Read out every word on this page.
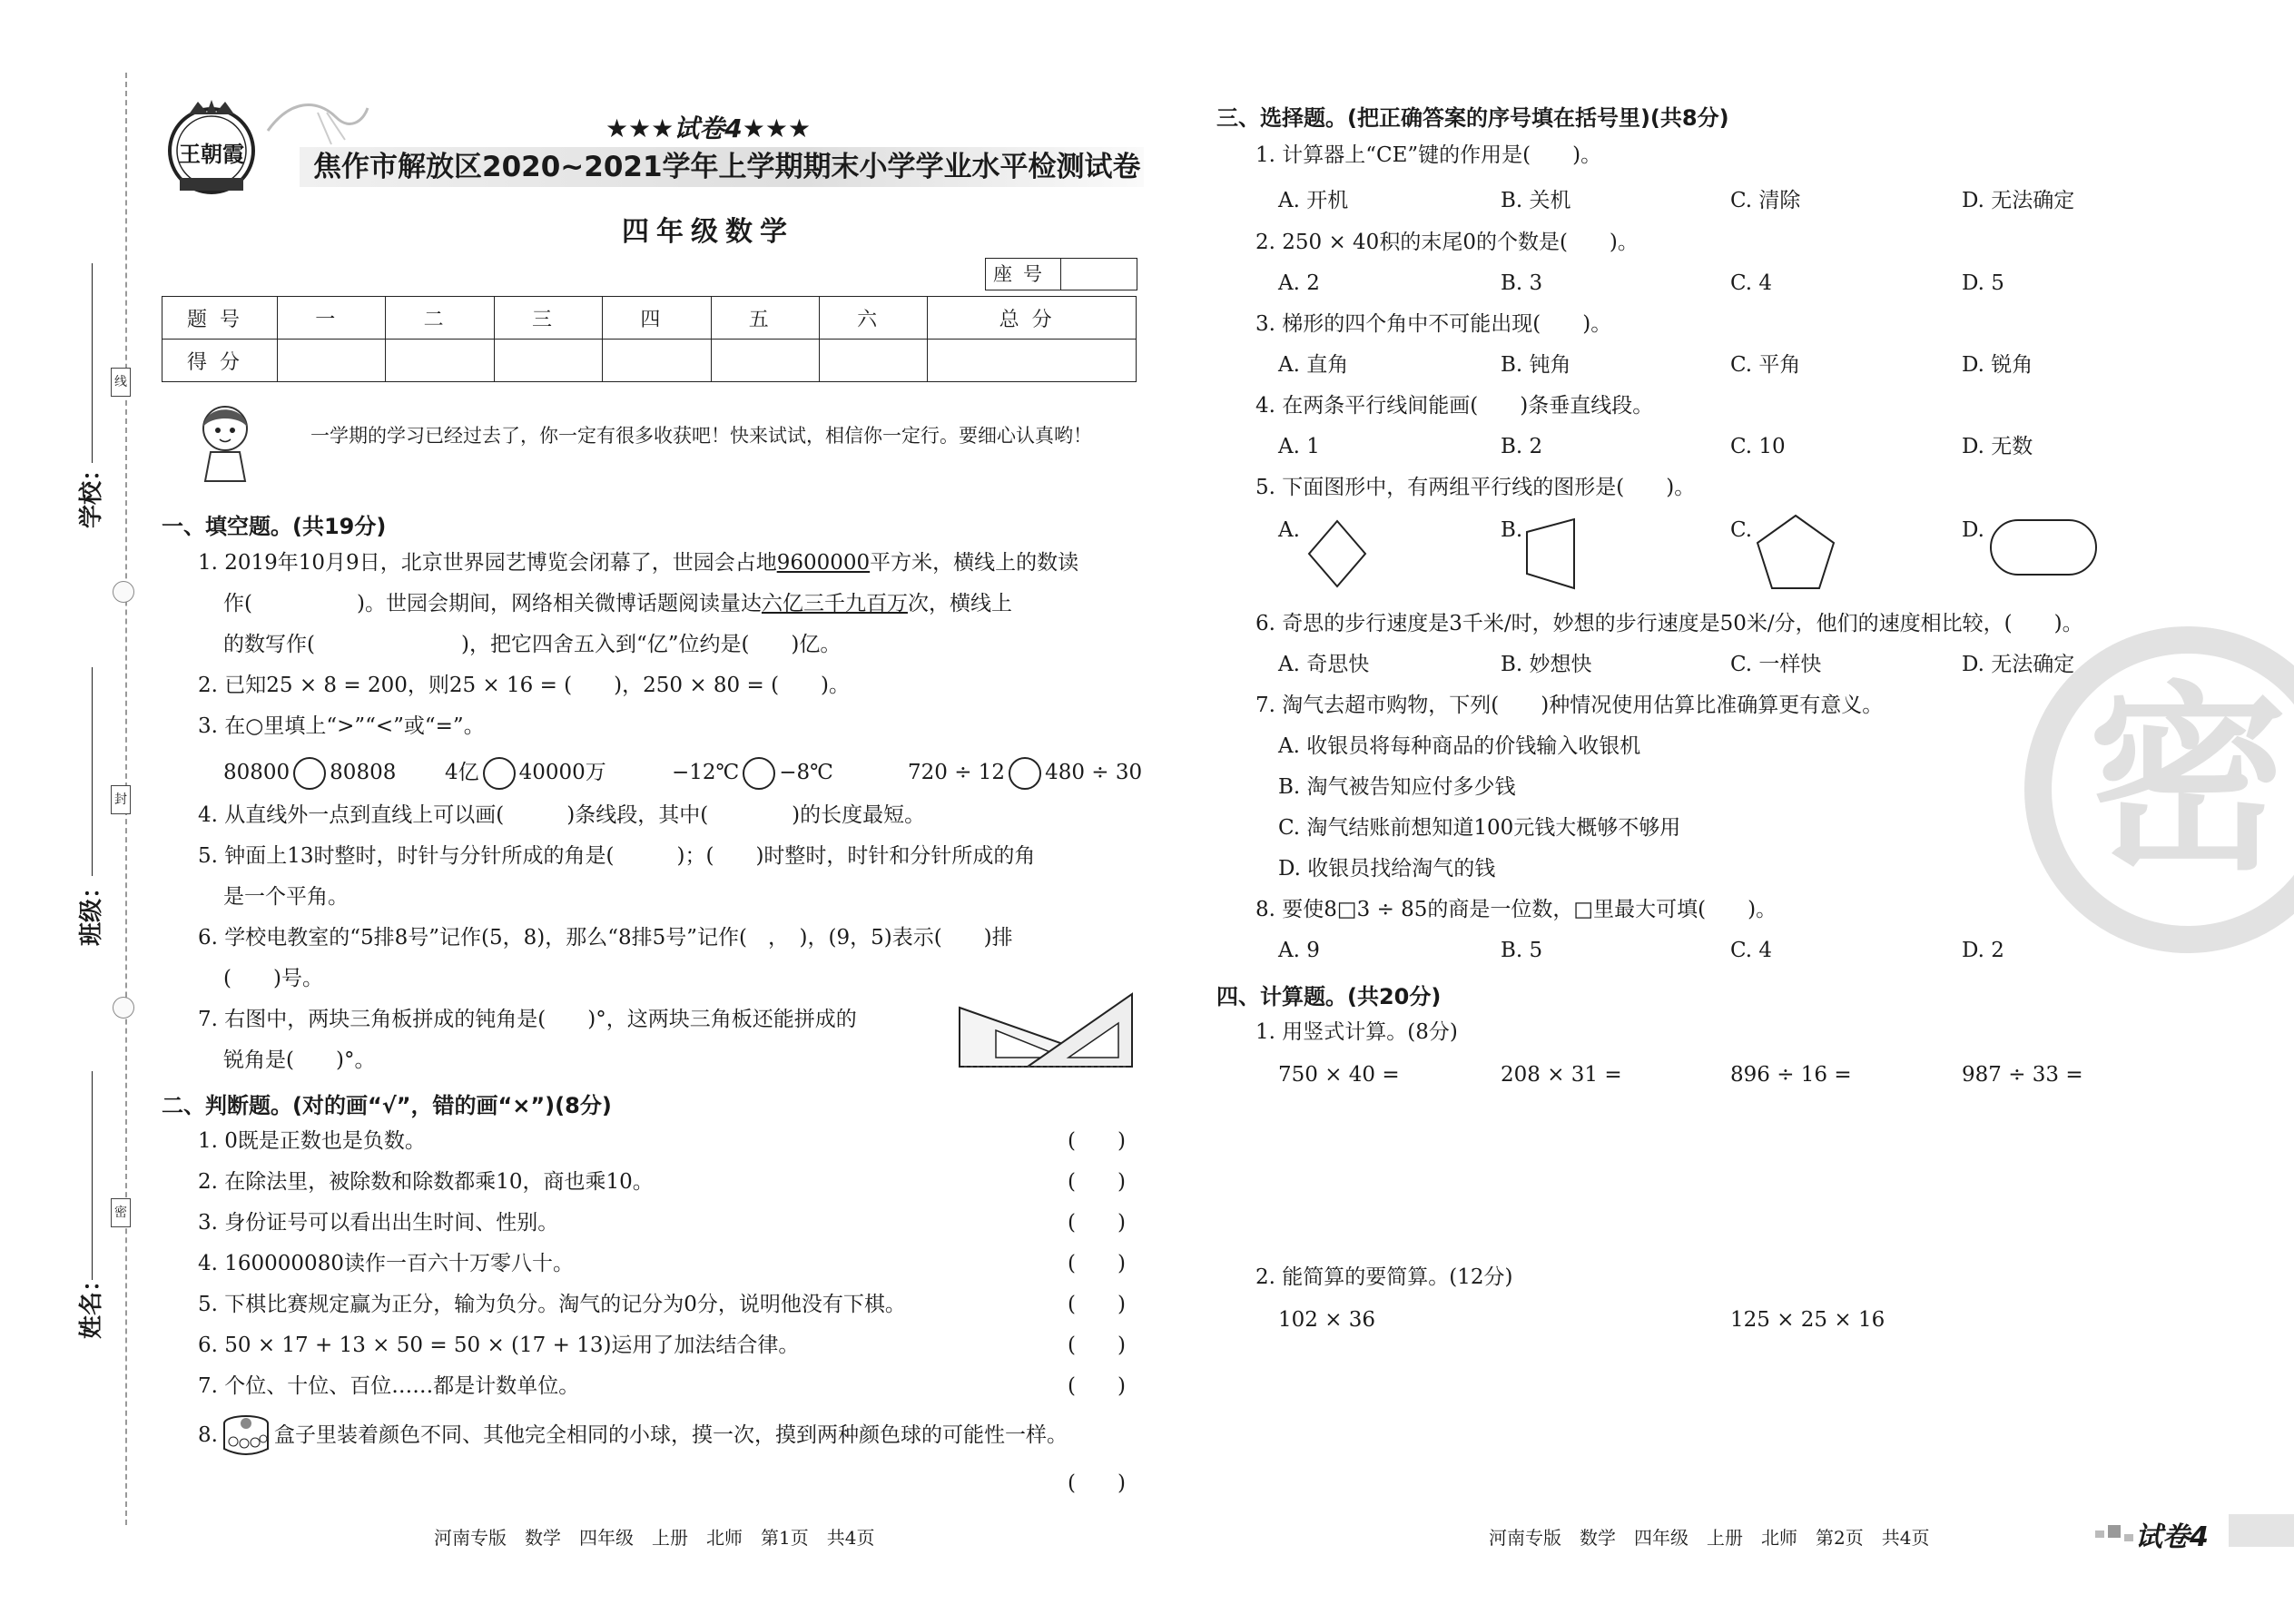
学校：
班级：
姓名：
线
封
密
王朝霞
★★★试卷4★★★
焦作市解放区2020~2021学年上学期期末小学学业水平检测试卷
四年级数学
座号
题号	一	二	三	四	五	六	总分
得分							
一学期的学习已经过去了，你一定有很多收获吧！快来试试，相信你一定行。要细心认真哟！
一、填空题。(共19分)
1. 2019年10月9日，北京世界园艺博览会闭幕了，世园会占地9600000平方米，横线上的数读
作(　　　　　)。世园会期间，网络相关微博话题阅读量达六亿三千九百万次，横线上
的数写作(　　　　　　　)，把它四舍五入到“亿”位约是(　　)亿。
2. 已知25 × 8 = 200，则25 × 16 = (　　)，250 × 80 = (　　)。
3. 在○里填上“>”“<”或“=”。
80800 80808 4亿 40000万	−12℃ −8℃	720 ÷ 12 480 ÷ 30
4. 从直线外一点到直线上可以画(　　　)条线段，其中(　　　　)的长度最短。
5. 钟面上13时整时，时针与分针所成的角是(　　　)；(　　)时整时，时针和分针所成的角
是一个平角。
6. 学校电教室的“5排8号”记作(5，8)，那么“8排5号”记作(　，　)，(9，5)表示(　　)排
(　　)号。
7. 右图中，两块三角板拼成的钝角是(　　)°，这两块三角板还能拼成的
锐角是(　　)°。
二、判断题。(对的画“√”，错的画“×”)(8分)
1. 0既是正数也是负数。	(　　)
2. 在除法里，被除数和除数都乘10，商也乘10。	(　　)
3. 身份证号可以看出出生时间、性别。	(　　)
4. 160000080读作一百六十万零八十。	(　　)
5. 下棋比赛规定赢为正分，输为负分。淘气的记分为0分，说明他没有下棋。	(　　)
6. 50 × 17 + 13 × 50 = 50 × (17 + 13)运用了加法结合律。	(　　)
7. 个位、十位、百位……都是计数单位。	(　　)
8.	盒子里装着颜色不同、其他完全相同的小球，摸一次，摸到两种颜色球的可能性一样。
(　　)
河南专版　数学　四年级　上册　北师　第1页　共4页
密
三、选择题。(把正确答案的序号填在括号里)(共8分)
1. 计算器上“CE”键的作用是(　　)。
A. 开机	B. 关机	C. 清除	D. 无法确定
2. 250 × 40积的末尾0的个数是(　　)。
A. 2	B. 3	C. 4	D. 5
3. 梯形的四个角中不可能出现(　　)。
A. 直角	B. 钝角	C. 平角	D. 锐角
4. 在两条平行线间能画(　　)条垂直线段。
A. 1	B. 2	C. 10	D. 无数
5. 下面图形中，有两组平行线的图形是(　　)。
A.	B.	C.	D.
6. 奇思的步行速度是3千米/时，妙想的步行速度是50米/分，他们的速度相比较，(　　)。
A. 奇思快	B. 妙想快	C. 一样快	D. 无法确定
7. 淘气去超市购物，下列(　　)种情况使用估算比准确算更有意义。
A. 收银员将每种商品的价钱输入收银机
B. 淘气被告知应付多少钱
C. 淘气结账前想知道100元钱大概够不够用
D. 收银员找给淘气的钱
8. 要使8□3 ÷ 85的商是一位数，□里最大可填(　　)。
A. 9	B. 5	C. 4	D. 2
四、计算题。(共20分)
1. 用竖式计算。(8分)
750 × 40 =	208 × 31 =	896 ÷ 16 =	987 ÷ 33 =
2. 能简算的要简算。(12分)
102 × 36	125 × 25 × 16
河南专版　数学　四年级　上册　北师　第2页　共4页	试卷4
